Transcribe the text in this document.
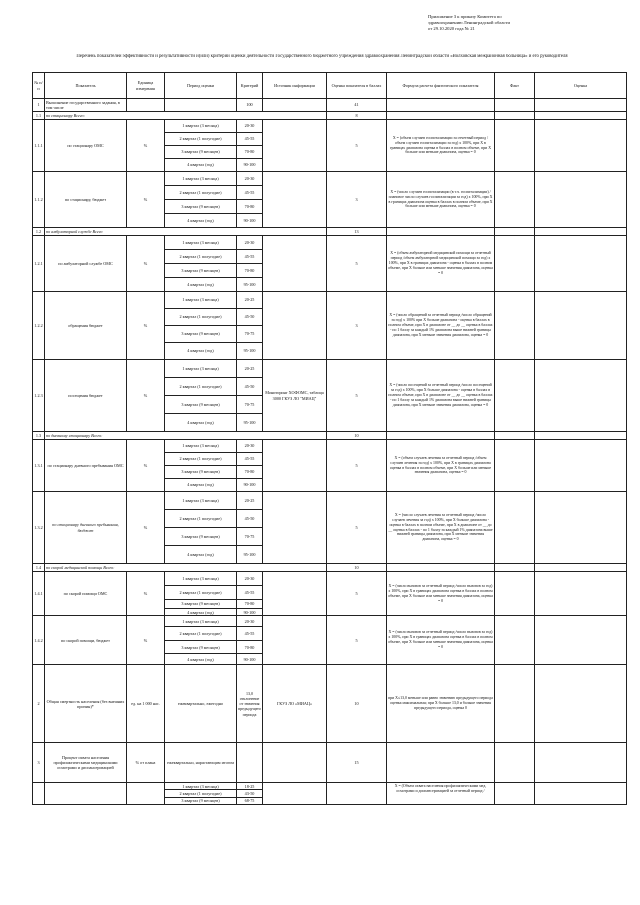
Приложение 3 к приказу Комитета по
здравоохранению Ленинградской области
от 29.10.2020 года № 21
Перечень показателей эффективности и результативности и(или) критерии оценки деятельности Государственного бюджетного учреждения здравоохранения Ленинградской области «Волховская межрайонная больница» и его руководителя
№ п/п	Показатель	Единица измерения	Период оценки	Критерий	Источник информации	Оценка показателя в баллах	Формула расчета фактического показателя	Факт	Оценка
1	Выполнение государственного задания, в том числе			100		41			
1.1	по стационару Всего:					8			
1.1.1	по стационару ОМС	%	1 квартал (3 месяца)	20-30		5	Х = (объем случаев госпитализации за отчетный период /объем случаев госпитализации за год) х 100%, при Х в границах диапазона оценка в баллах в полном объеме, при Х больше или меньше диапазона, оценка = 0		
			2 квартал (1 полугодие)	45-55					
			3 квартал (9 месяцев)	70-80					
			4 квартал (год)	90-100					
1.1.2	по стационару, бюджет	%	1 квартал (3 месяца)	20-30		3	Х = (число случаев госпитализации (в т.ч. госпитализации) / плановое число случаев госпитализации за год) х 100%, при Х в границах диапазона оценка в баллах в полном объеме, при Х больше или меньше диапазона, оценка = 0		
			2 квартал (1 полугодие)	45-55					
			3 квартал (9 месяцев)	70-80					
			4 квартал (год)	90-100					
1.2	по амбулаторной службе Всего					13			
1.2.1	по амбулаторной службе ОМС	%	1 квартал (3 месяца)	20-30		5	Х = (объем амбулаторной медицинской помощи за отчетный период /объем амбулаторной медицинской помощи за год) х 100%, при Х в границах диапазона - оценка в баллах в полном объеме, при Х больше или меньше значения диапазона, оценка = 0		
			2 квартал (1 полугодие)	45-55					
			3 квартал (9 месяцев)	70-80					
			4 квартал (год)	95-100					
1.2.2	обращения бюджет	%	1 квартал (3 месяца)	20-25		3	Х = (число обращений за отчетный период /число обращений за год) х 100% при Х больше диапазона - оценка в баллах в полном объеме, при Х в диапазоне от __ до __ оценка в баллах - по 1 баллу за каждый 1% диапазона выше нижней границы диапазона, при Х меньше значения диапазона, оценка = 0		
			2 квартал (1 полугодие)	45-50					
			3 квартал (9 месяцев)	70-75					
			4 квартал (год)	95-100					
1.2.3	посещения бюджет	%	1 квартал (3 месяца)	20-25	Мониторинг ХОФОМС, таблица 3000 ГКУЗ ЛО "МИАЦ"	5	Х = (число посещений за отчетный период /число посещений за год) х 100%, при Х больше диапазона - оценка в баллах в полном объеме, при Х в диапазоне от __ до __ оценка в баллах - по 1 баллу за каждый 1% диапазона выше нижней границы диапазона, при Х меньше значения диапазона, оценка = 0		
			2 квартал (1 полугодие)	45-50					
			3 квартал (9 месяцев)	70-75					
			4 квартал (год)	95-100					
1.3	по дневному стационару Всего:					10			
1.3.1	по стационару дневного пребывания ОМС	%	1 квартал (3 месяца)	20-30		5	Х = (объем случаев лечения за отчетный период /объем случаев лечения за год) х 100%, при Х в границах диапазона оценка в баллах в полном объеме, при Х больше или меньше значения диапазона, оценка = 0		
			2 квартал (1 полугодие)	45-55					
			3 квартал (9 месяцев)	70-80					
			4 квартал (год)	90-100					
1.3.2	по стационару дневного пребывания, бюджет	%	1 квартал (3 месяца)	20-25		5	Х = (число случаев лечения за отчетный период /число случаев лечения за год) х 100%, при Х больше диапазона - оценка в баллах в полном объеме, при Х в диапазоне от __ до __ оценка в баллах - по 1 баллу за каждый 1% диапазона выше нижней границы диапазона, при Х меньше значения диапазона, оценка = 0		
			2 квартал (1 полугодие)	45-50					
			3 квартал (9 месяцев)	70-75					
			4 квартал (год)	95-100					
1.4	по скорой медицинской помощи Всего:					10			
1.4.1	по скорой помощи ОМС	%	1 квартал (3 месяца)	20-30		5	Х = (число вызовов за отчетный период /число вызовов за год) х 100%, при Х в границах диапазона оценка в баллах в полном объеме, при Х больше или меньше значения диапазона, оценка = 0		
			2 квартал (1 полугодие)	45-55					
			3 квартал (9 месяцев)	70-80					
			4 квартал (год)	90-100					
1.4.2	по скорой помощи, бюджет	%	1 квартал (3 месяца)	20-30		5	Х = (число вызовов за отчетный период /число вызовов за год) х 100%, при Х в границах диапазона оценка в баллах в полном объеме, при Х больше или меньше значения диапазона, оценка = 0		
			2 квартал (1 полугодие)	45-55					
			3 квартал (9 месяцев)	70-80					
			4 квартал (год)	90-100					
2	Общая смертность населения (без внешних причин)*	ед. на 1 000 нас.	ежеквартально, ежегодно	13,0 отклонение от значения предыдущего периода	ГКУЗ ЛО «МИАЦ»	10	при Х≤13,0 меньше или равно значению предыдущего периода оценка максимальная; при Х больше 13,0 и больше значения предыдущего периода, оценка 0		
3	Процент охвата населения профилактическими медицинскими осмотрами и диспансеризацией	% от плана	ежеквартально, нарастающим итогом			15			
			1 квартал (3 месяца)	18-25			Х = (Объем охвата населения профилактическими мед. осмотрами и диспансеризацией за отчетный период /		
			2 квартал (1 полугодие)	43-50					
			3 квартал (9 месяцев)	68-75					
